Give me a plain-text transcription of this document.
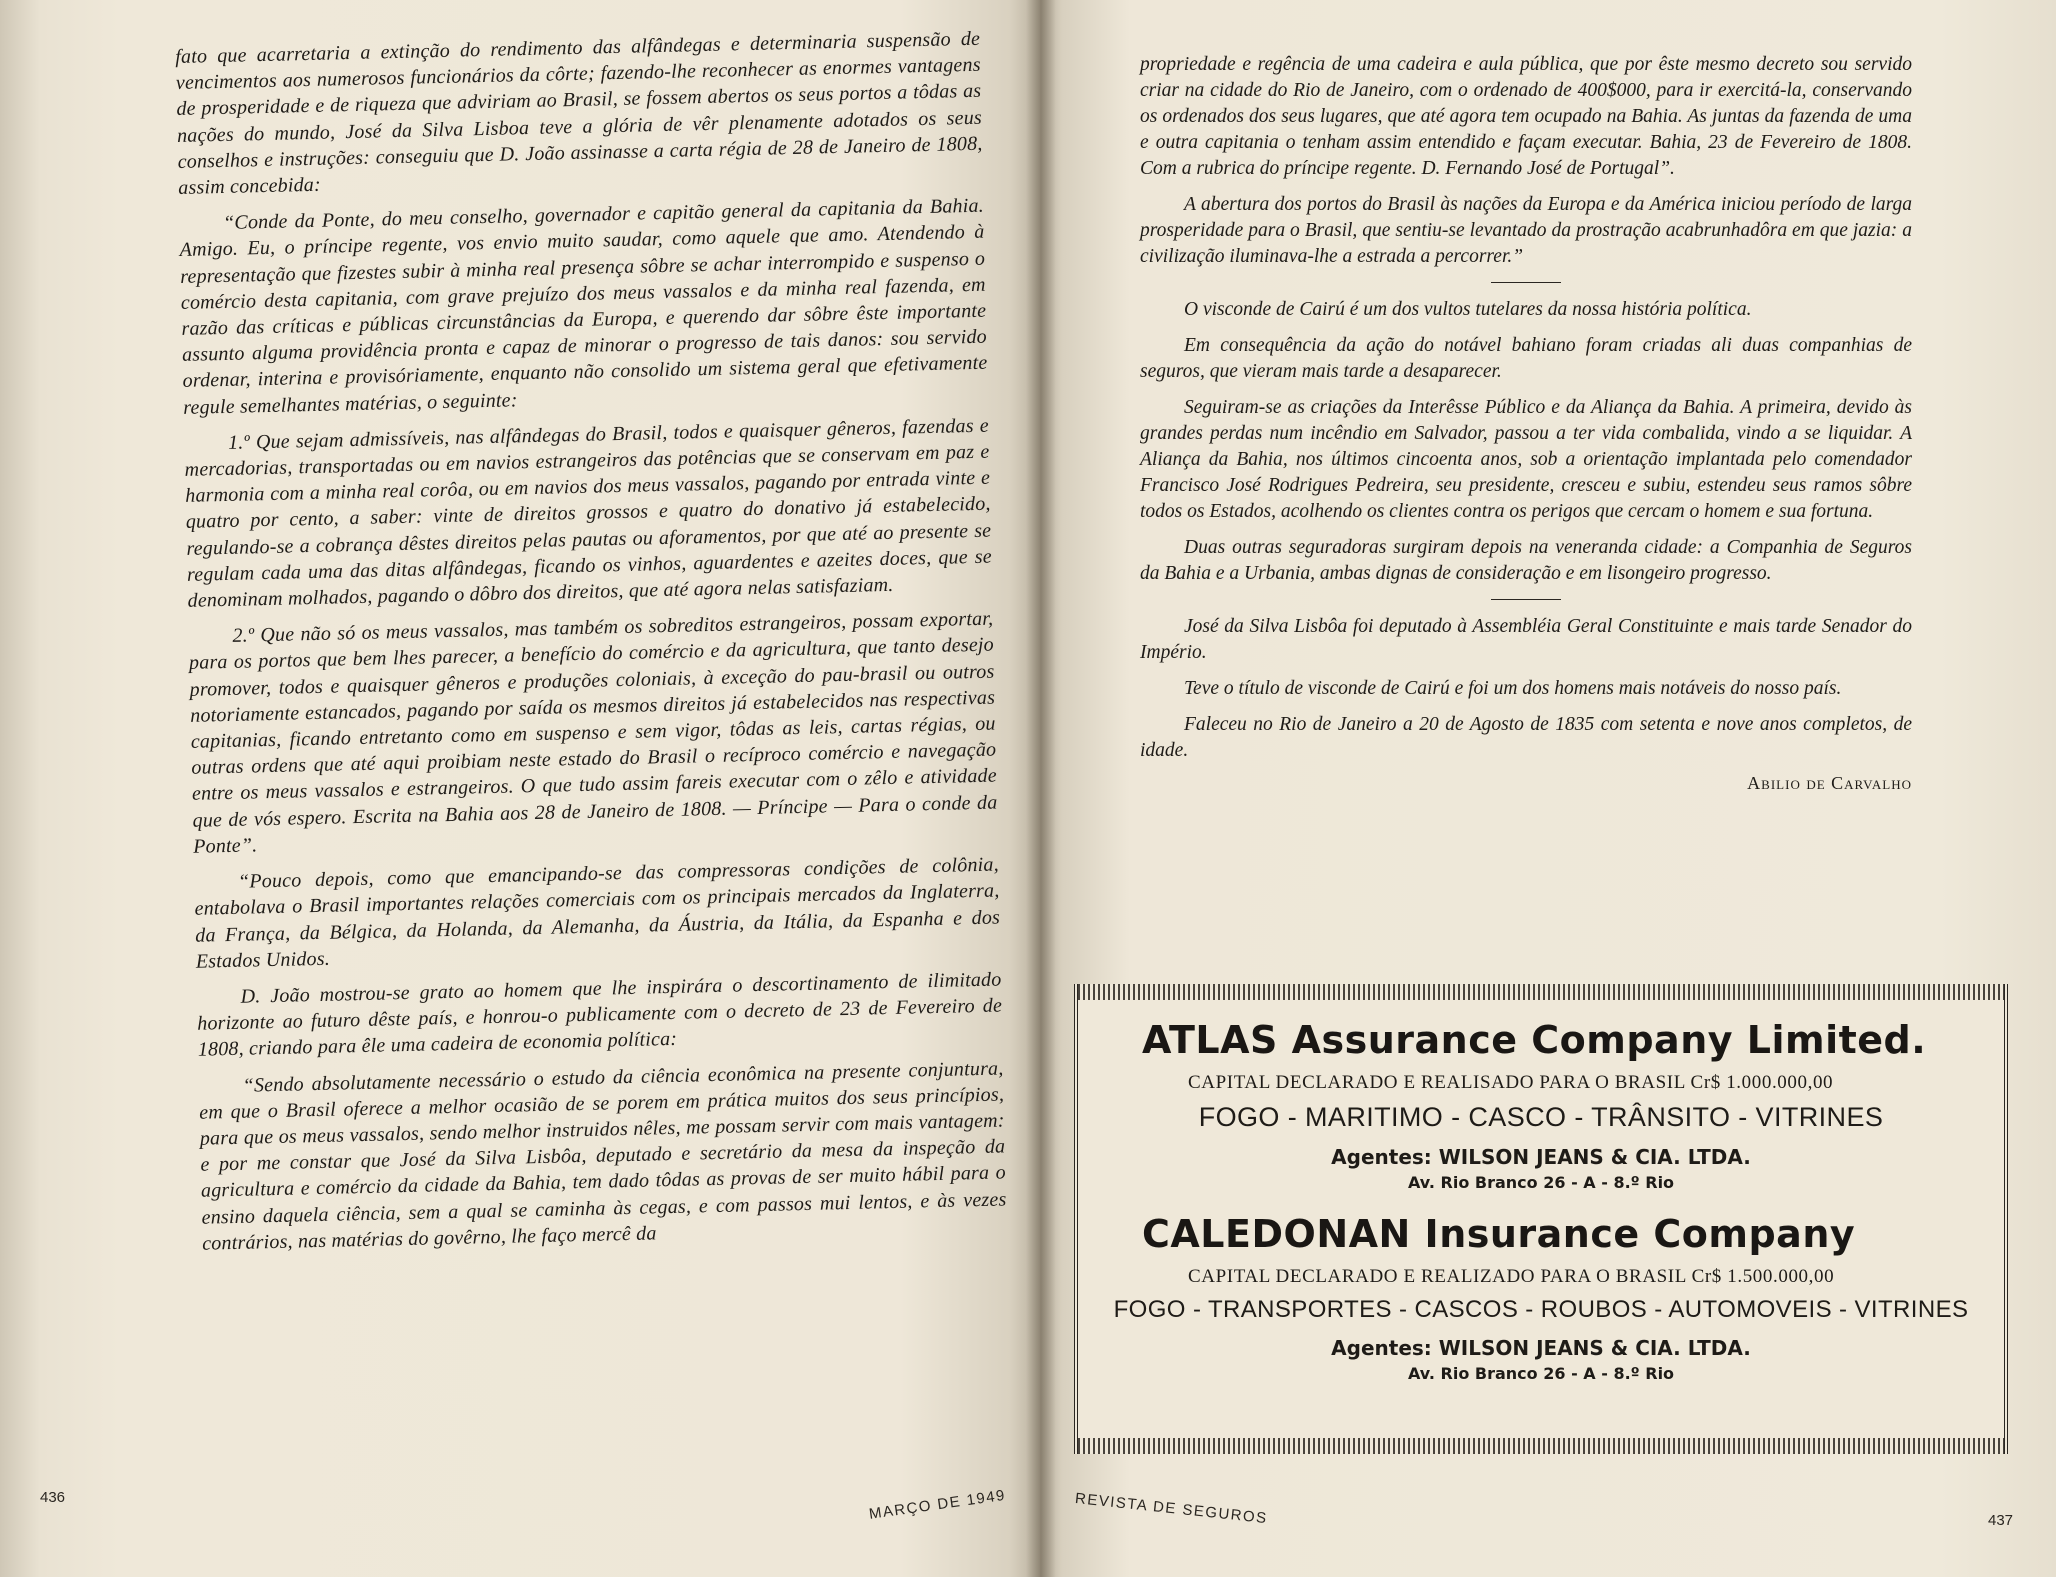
fato que acarretaria a extinção do rendimento das alfândegas e determinaria suspensão de vencimentos aos numerosos funcionários da côrte; fazendo-lhe reconhecer as enormes vantagens de prosperidade e de riqueza que adviriam ao Brasil, se fossem abertos os seus portos a tôdas as nações do mundo, José da Silva Lisboa teve a glória de vêr plenamente adotados os seus conselhos e instruções: conseguiu que D. João assinasse a carta régia de 28 de Janeiro de 1808, assim concebida:

“Conde da Ponte, do meu conselho, governador e capitão general da capitania da Bahia. Amigo. Eu, o príncipe regente, vos envio muito saudar, como aquele que amo. Atendendo à representação que fizestes subir à minha real presença sôbre se achar interrompido e suspenso o comércio desta capitania, com grave prejuízo dos meus vassalos e da minha real fazenda, em razão das críticas e públicas circunstâncias da Europa, e querendo dar sôbre êste importante assunto alguma providência pronta e capaz de minorar o progresso de tais danos: sou servido ordenar, interina e provisóriamente, enquanto não consolido um sistema geral que efetivamente regule semelhantes matérias, o seguinte:

1.º Que sejam admissíveis, nas alfândegas do Brasil, todos e quaisquer gêneros, fazendas e mercadorias, transportadas ou em navios estrangeiros das potências que se conservam em paz e harmonia com a minha real corôa, ou em navios dos meus vassalos, pagando por entrada vinte e quatro por cento, a saber: vinte de direitos grossos e quatro do donativo já estabelecido, regulando-se a cobrança dêstes direitos pelas pautas ou aforamentos, por que até ao presente se regulam cada uma das ditas alfândegas, ficando os vinhos, aguardentes e azeites doces, que se denominam molhados, pagando o dôbro dos direitos, que até agora nelas satisfaziam.

2.º Que não só os meus vassalos, mas também os sobreditos estrangeiros, possam exportar, para os portos que bem lhes parecer, a benefício do comércio e da agricultura, que tanto desejo promover, todos e quaisquer gêneros e produções coloniais, à exceção do pau-brasil ou outros notoriamente estancados, pagando por saída os mesmos direitos já estabelecidos nas respectivas capitanias, ficando entretanto como em suspenso e sem vigor, tôdas as leis, cartas régias, ou outras ordens que até aqui proibiam neste estado do Brasil o recíproco comércio e navegação entre os meus vassalos e estrangeiros. O que tudo assim fareis executar com o zêlo e atividade que de vós espero. Escrita na Bahia aos 28 de Janeiro de 1808. — Príncipe — Para o conde da Ponte”.

“Pouco depois, como que emancipando-se das compressoras condições de colônia, entabolava o Brasil importantes relações comerciais com os principais mercados da Inglaterra, da França, da Bélgica, da Holanda, da Alemanha, da Áustria, da Itália, da Espanha e dos Estados Unidos.

D. João mostrou-se grato ao homem que lhe inspirára o descortinamento de ilimitado horizonte ao futuro dêste país, e honrou-o publicamente com o decreto de 23 de Fevereiro de 1808, criando para êle uma cadeira de economia política:

“Sendo absolutamente necessário o estudo da ciência econômica na presente conjuntura, em que o Brasil oferece a melhor ocasião de se porem em prática muitos dos seus princípios, para que os meus vassalos, sendo melhor instruidos nêles, me possam servir com mais vantagem: e por me constar que José da Silva Lisbôa, deputado e secretário da mesa da inspeção da agricultura e comércio da cidade da Bahia, tem dado tôdas as provas de ser muito hábil para o ensino daquela ciência, sem a qual se caminha às cegas, e com passos mui lentos, e às vezes contrários, nas matérias do govêrno, lhe faço mercê da

436	MARÇO DE 1949

propriedade e regência de uma cadeira e aula pública, que por êste mesmo decreto sou servido criar na cidade do Rio de Janeiro, com o ordenado de 400$000, para ir exercitá-la, conservando os ordenados dos seus lugares, que até agora tem ocupado na Bahia. As juntas da fazenda de uma e outra capitania o tenham assim entendido e façam executar. Bahia, 23 de Fevereiro de 1808. Com a rubrica do príncipe regente. D. Fernando José de Portugal”.

A abertura dos portos do Brasil às nações da Europa e da América iniciou período de larga prosperidade para o Brasil, que sentiu-se levantado da prostração acabrunhadôra em que jazia: a civilização iluminava-lhe a estrada a percorrer.”

O visconde de Cairú é um dos vultos tutelares da nossa história política.

Em consequência da ação do notável bahiano foram criadas ali duas companhias de seguros, que vieram mais tarde a desaparecer.

Seguiram-se as criações da Interêsse Público e da Aliança da Bahia. A primeira, devido às grandes perdas num incêndio em Salvador, passou a ter vida combalida, vindo a se liquidar. A Aliança da Bahia, nos últimos cincoenta anos, sob a orientação implantada pelo comendador Francisco José Rodrigues Pedreira, seu presidente, cresceu e subiu, estendeu seus ramos sôbre todos os Estados, acolhendo os clientes contra os perigos que cercam o homem e sua fortuna.

Duas outras seguradoras surgiram depois na veneranda cidade: a Companhia de Seguros da Bahia e a Urbania, ambas dignas de consideração e em lisongeiro progresso.

José da Silva Lisbôa foi deputado à Assembléia Geral Constituinte e mais tarde Senador do Império.

Teve o título de visconde de Cairú e foi um dos homens mais notáveis do nosso país.

Faleceu no Rio de Janeiro a 20 de Agosto de 1835 com setenta e nove anos completos, de idade.

Abilio de Carvalho
ATLAS Assurance Company Limited.
CAPITAL DECLARADO E REALISADO PARA O BRASIL Cr$ 1.000.000,00
FOGO - MARITIMO - CASCO - TRÂNSITO - VITRINES
Agentes: WILSON JEANS & CIA. LTDA.
Av. Rio Branco 26 - A - 8.º Rio
CALEDONAN Insurance Company
CAPITAL DECLARADO E REALIZADO PARA O BRASIL Cr$ 1.500.000,00
FOGO - TRANSPORTES - CASCOS - ROUBOS - AUTOMOVEIS - VITRINES
Agentes: WILSON JEANS & CIA. LTDA.
Av. Rio Branco 26 - A - 8.º Rio
REVISTA DE SEGUROS	437
